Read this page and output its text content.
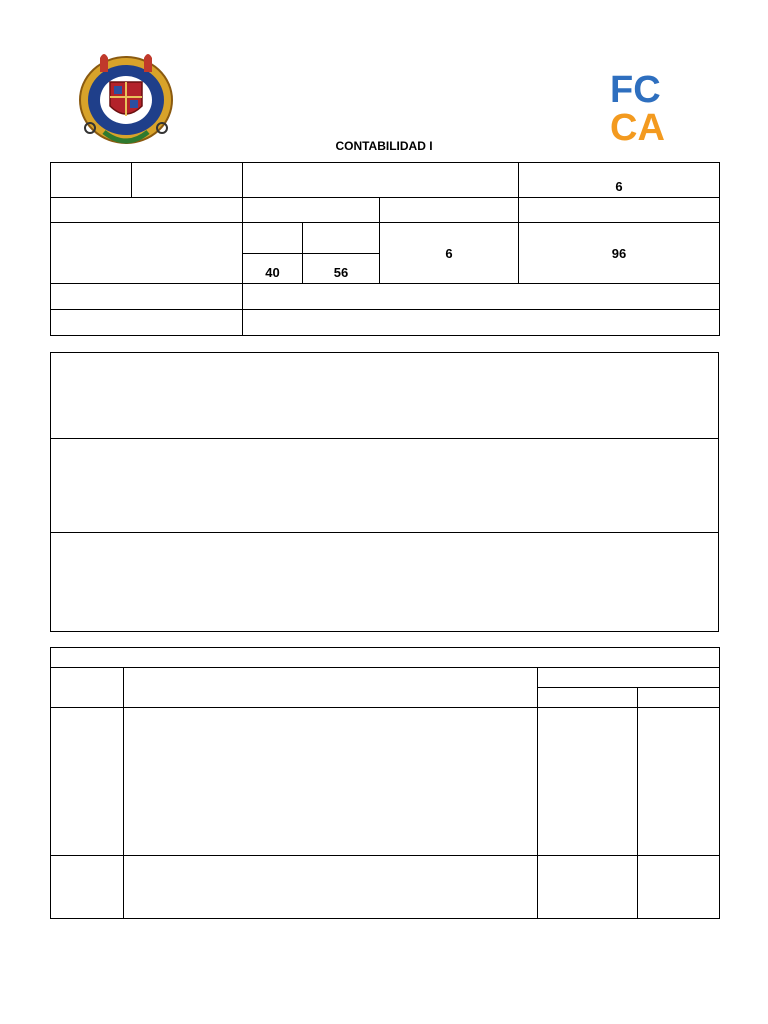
FC
CA
CONTABILIDAD I
					6

				6	96
		40	56		
